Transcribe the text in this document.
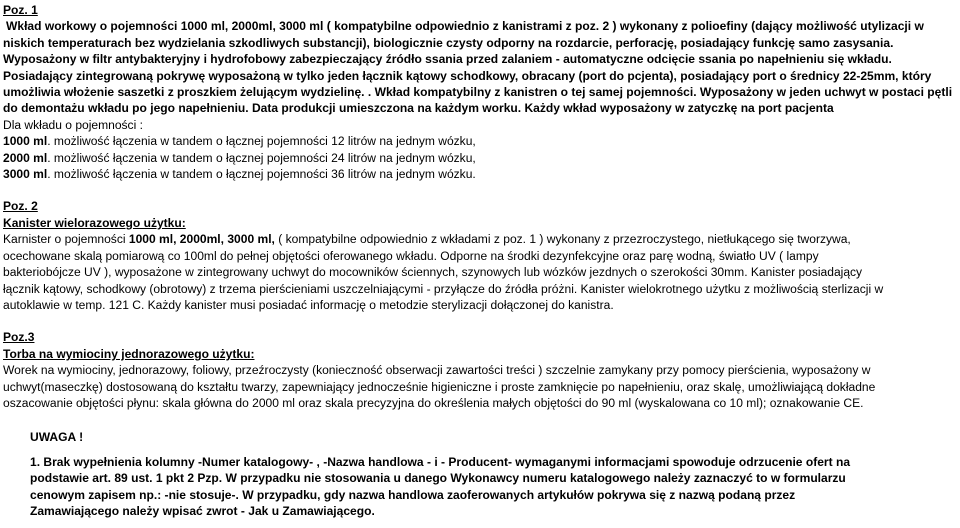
Poz. 1
Wkład workowy o pojemności 1000 ml, 2000ml, 3000 ml ( kompatybilne odpowiednio z kanistrami z poz. 2 ) wykonany z polioefiny (dający możliwość utylizacji w
niskich temperaturach bez wydzielania szkodliwych substancji), biologicznie czysty odporny na rozdarcie, perforację, posiadający funkcję samo zasysania.
Wyposażony w filtr antybakteryjny i hydrofobowy zabezpieczający źródło ssania przed zalaniem - automatyczne odcięcie ssania po napełnieniu się wkładu.
Posiadający zintegrowaną pokrywę wyposażoną w tylko jeden łącznik kątowy schodkowy, obracany (port do pcjenta), posiadający port o średnicy 22-25mm, który
umożliwia włożenie saszetki z proszkiem żelującym wydzielinę. . Wkład kompatybilny z kanistren o tej samej pojemności. Wyposażony w jeden uchwyt w postaci pętli
do demontażu wkładu po jego napełnieniu. Data produkcji umieszczona na każdym worku. Każdy wkład wyposażony w zatyczkę na port pacjenta
Dla wkładu o pojemności :
1000 ml. możliwość łączenia w tandem o łącznej pojemności 12 litrów na jednym wózku,
2000 ml. możliwość łączenia w tandem o łącznej pojemności 24 litrów na jednym wózku,
3000 ml. możliwość łączenia w tandem o łącznej pojemności 36 litrów na jednym wózku.
Poz. 2
Kanister wielorazowego użytku:
Karnister o pojemności 1000 ml, 2000ml, 3000 ml, ( kompatybilne odpowiednio z wkładami z poz. 1 ) wykonany z przezroczystego, nietłukącego się tworzywa,
ocechowane skalą pomiarową co 100ml do pełnej objętości oferowanego wkładu. Odporne na środki dezynfekcyjne oraz parę wodną, światło UV ( lampy
bakteriobójcze UV ), wyposażone w zintegrowany uchwyt do mocowników ściennych, szynowych lub wózków jezdnych o szerokości 30mm. Kanister posiadający
łącznik kątowy, schodkowy (obrotowy) z trzema pierścieniami uszczelniającymi - przyłącze do źródła próżni. Kanister wielokrotnego użytku z możliwością sterlizacji w
autoklawie w temp. 121 C. Każdy kanister musi posiadać informację o metodzie sterylizacji dołączonej do kanistra.
Poz.3
Torba na wymiociny jednorazowego użytku:
Worek na wymiociny, jednorazowy, foliowy, przeźroczysty (konieczność obserwacji zawartości treści ) szczelnie zamykany przy pomocy pierścienia, wyposażony w
uchwyt(maseczkę) dostosowaną do kształtu twarzy, zapewniający jednocześnie higieniczne i proste zamknięcie po napełnieniu, oraz skalę, umożliwiającą dokładne
oszacowanie objętości płynu: skala główna do 2000 ml oraz skala precyzyjna do określenia małych objętości do 90 ml (wyskalowana co 10 ml); oznakowanie CE.
UWAGA !
1. Brak wypełnienia kolumny -Numer katalogowy- , -Nazwa handlowa - i - Producent- wymaganymi informacjami spowoduje odrzucenie ofert na
podstawie art. 89 ust. 1 pkt 2 Pzp. W przypadku nie stosowania u danego Wykonawcy numeru katalogowego należy zaznaczyć to w formularzu
cenowym zapisem np.: -nie stosuje-. W przypadku, gdy nazwa handlowa zaoferowanych artykułów pokrywa się z nazwą podaną przez
Zamawiającego należy wpisać zwrot - Jak u Zamawiającego.
